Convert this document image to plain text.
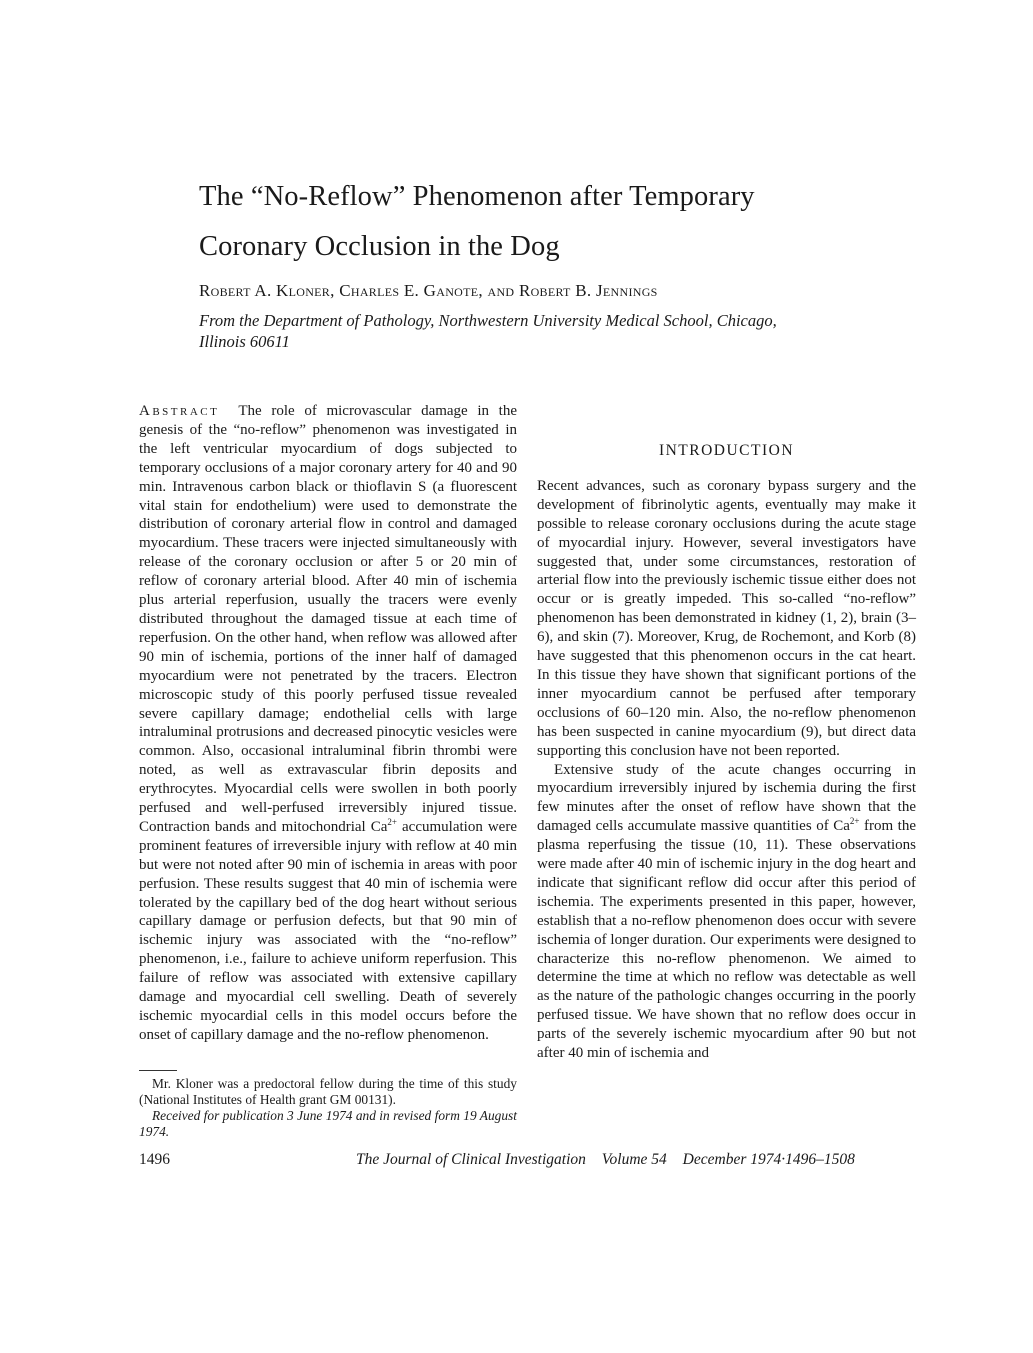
The “No-Reflow” Phenomenon after Temporary Coronary Occlusion in the Dog

Robert A. Kloner, Charles E. Ganote, and Robert B. Jennings

From the Department of Pathology, Northwestern University Medical School, Chicago, Illinois 60611

Abstract The role of microvascular damage in the genesis of the “no-reflow” phenomenon was investigated in the left ventricular myocardium of dogs subjected to temporary occlusions of a major coronary artery for 40 and 90 min. Intravenous carbon black or thioflavin S (a fluorescent vital stain for endothelium) were used to demonstrate the distribution of coronary arterial flow in control and damaged myocardium. These tracers were injected simultaneously with release of the coronary occlusion or after 5 or 20 min of reflow of coronary arterial blood. After 40 min of ischemia plus arterial reperfusion, usually the tracers were evenly distributed throughout the damaged tissue at each time of reperfusion. On the other hand, when reflow was allowed after 90 min of ischemia, portions of the inner half of damaged myocardium were not penetrated by the tracers. Electron microscopic study of this poorly perfused tissue revealed severe capillary damage; endothelial cells with large intraluminal protrusions and decreased pinocytic vesicles were common. Also, occasional intraluminal fibrin thrombi were noted, as well as extravascular fibrin deposits and erythrocytes. Myocardial cells were swollen in both poorly perfused and well-perfused irreversibly injured tissue. Contraction bands and mitochondrial $Ca^{2+}$ accumulation were prominent features of irreversible injury with reflow at 40 min but were not noted after 90 min of ischemia in areas with poor perfusion. These results suggest that 40 min of ischemia were tolerated by the capillary bed of the dog heart without serious capillary damage or perfusion defects, but that 90 min of ischemic injury was associated with the “no-reflow” phenomenon, i.e., failure to achieve uniform reperfusion. This failure of reflow was associated with extensive capillary damage and myocardial cell swelling. Death of severely ischemic myocardial cells in this model occurs before the onset of capillary damage and the no-reflow phenomenon.

INTRODUCTION

Recent advances, such as coronary bypass surgery and the development of fibrinolytic agents, eventually may make it possible to release coronary occlusions during the acute stage of myocardial injury. However, several investigators have suggested that, under some circumstances, restoration of arterial flow into the previously ischemic tissue either does not occur or is greatly impeded. This so-called “no-reflow” phenomenon has been demonstrated in kidney (1, 2), brain (3–6), and skin (7). Moreover, Krug, de Rochemont, and Korb (8) have suggested that this phenomenon occurs in the cat heart. In this tissue they have shown that significant portions of the inner myocardium cannot be perfused after temporary occlusions of 60–120 min. Also, the no-reflow phenomenon has been suspected in canine myocardium (9), but direct data supporting this conclusion have not been reported.

Extensive study of the acute changes occurring in myocardium irreversibly injured by ischemia during the first few minutes after the onset of reflow have shown that the damaged cells accumulate massive quantities of $Ca^{2+}$ from the plasma reperfusing the tissue (10, 11). These observations were made after 40 min of ischemic injury in the dog heart and indicate that significant reflow did occur after this period of ischemia. The experiments presented in this paper, however, establish that a no-reflow phenomenon does occur with severe ischemia of longer duration. Our experiments were designed to characterize this no-reflow phenomenon. We aimed to determine the time at which no reflow was detectable as well as the nature of the pathologic changes occurring in the poorly perfused tissue. We have shown that no reflow does occur in parts of the severely ischemic myocardium after 90 but not after 40 min of ischemia and

Mr. Kloner was a predoctoral fellow during the time of this study (National Institutes of Health grant GM 00131).

Received for publication 3 June 1974 and in revised form 19 August 1974.

1496	The Journal of Clinical Investigation Volume 54 December 1974·1496–1508
